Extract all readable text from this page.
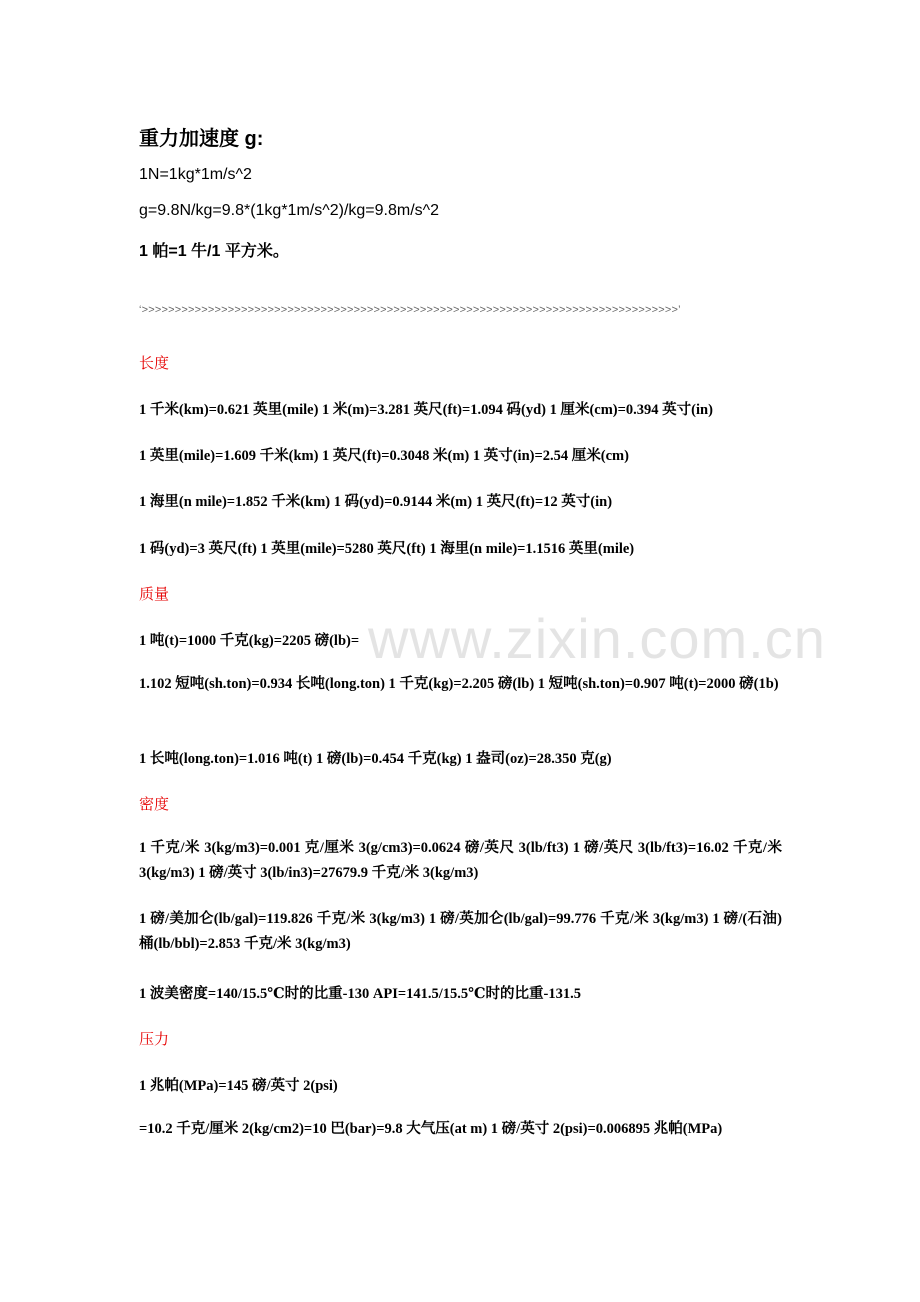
www.zixin.com.cn
重力加速度 g:
1N=1kg*1m/s^2
g=9.8N/kg=9.8*(1kg*1m/s^2)/kg=9.8m/s^2
1 帕=1 牛/1 平方米。
‘>>>>>>>>>>>>>>>>>>>>>>>>>>>>>>>>>>>>>>>>>>>>>>>>>>>>>>>>>>>>>>>>>>>>>>>>>>>>>>>>>’
长度
1 千米(km)=0.621 英里(mile) 1 米(m)=3.281 英尺(ft)=1.094 码(yd) 1 厘米(cm)=0.394 英寸(in)
1 英里(mile)=1.609 千米(km) 1 英尺(ft)=0.3048 米(m) 1 英寸(in)=2.54 厘米(cm)
1 海里(n mile)=1.852 千米(km) 1 码(yd)=0.9144 米(m) 1 英尺(ft)=12 英寸(in)
1 码(yd)=3 英尺(ft) 1 英里(mile)=5280 英尺(ft) 1 海里(n mile)=1.1516 英里(mile)
质量
1 吨(t)=1000 千克(kg)=2205 磅(lb)=
1.102 短吨(sh.ton)=0.934 长吨(long.ton) 1 千克(kg)=2.205 磅(lb) 1 短吨(sh.ton)=0.907 吨(t)=2000 磅(1b)
1 长吨(long.ton)=1.016 吨(t) 1 磅(lb)=0.454 千克(kg) 1 盎司(oz)=28.350 克(g)
密度
1 千克/米 3(kg/m3)=0.001 克/厘米 3(g/cm3)=0.0624 磅/英尺 3(lb/ft3) 1 磅/英尺 3(lb/ft3)=16.02 千克/米 3(kg/m3) 1 磅/英寸 3(lb/in3)=27679.9 千克/米 3(kg/m3)
1 磅/美加仑(lb/gal)=119.826 千克/米 3(kg/m3) 1 磅/英加仑(lb/gal)=99.776 千克/米 3(kg/m3) 1 磅/(石油)桶(lb/bbl)=2.853 千克/米 3(kg/m3)
1 波美密度=140/15.5℃时的比重-130 API=141.5/15.5℃时的比重-131.5
压力
1 兆帕(MPa)=145 磅/英寸 2(psi)
=10.2 千克/厘米 2(kg/cm2)=10 巴(bar)=9.8 大气压(at m) 1 磅/英寸 2(psi)=0.006895 兆帕(MPa)
